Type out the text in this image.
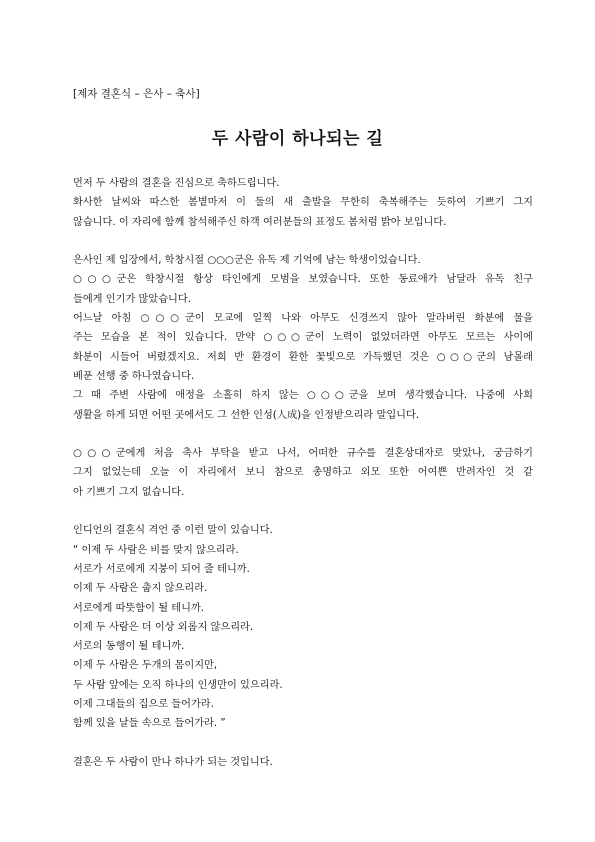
[제자 결혼식 – 은사 – 축사]
두 사람이 하나되는 길
먼저 두 사람의 결혼을 진심으로 축하드립니다.
화사한 날씨와 따스한 봄볕마저 이 둘의 새 출발을 무한히 축복해주는 듯하여 기쁘기 그지
않습니다. 이 자리에 함께 참석해주신 하객 여러분들의 표정도 봄처럼 밝아 보입니다.
은사인 제 입장에서, 학창시절 ○○○군은 유독 제 기억에 남는 학생이었습니다.
○○○군은 학창시절 항상 타인에게 모범을 보였습니다. 또한 동료애가 남달라 유독 친구
들에게 인기가 많았습니다.
어느날 아침 ○○○군이 모교에 일찍 나와 아무도 신경쓰지 않아 말라버린 화분에 물을
주는 모습을 본 적이 있습니다. 만약 ○○○군이 노력이 없었더라면 아무도 모르는 사이에
화분이 시들어 버렸겠지요. 저희 반 환경이 환한 꽃빛으로 가득했던 것은 ○○○군의 남몰래
베푼 선행 중 하나였습니다.
그 때 주변 사람에 애정을 소홀히 하지 않는 ○○○군을 보며 생각했습니다. 나중에 사회
생활을 하게 되면 어떤 곳에서도 그 선한 인성(人成)을 인정받으리라 말입니다.
○○○군에게 처음 축사 부탁을 받고 나서, 어떠한 규수를 결혼상대자로 맞았나, 궁금하기
그지 없었는데 오늘 이 자리에서 보니 참으로 총명하고 외모 또한 어여쁜 반려자인 것 같
아 기쁘기 그지 없습니다.
인디언의 결혼식 격언 중 이런 말이 있습니다.
“ 이제 두 사람은 비를 맞지 않으리라.
서로가 서로에게 지붕이 되어 줄 테니까.
이제 두 사람은 춥지 않으리라.
서로에게 따뜻함이 될 테니까.
이제 두 사람은 더 이상 외롭지 않으리라.
서로의 동행이 될 테니까.
이제 두 사람은 두개의 몸이지만,
두 사람 앞에는 오직 하나의 인생만이 있으리라.
이제 그대들의 집으로 들어가라.
함께 있을 날들 속으로 들어가라. ”
결혼은 두 사람이 만나 하나가 되는 것입니다.
